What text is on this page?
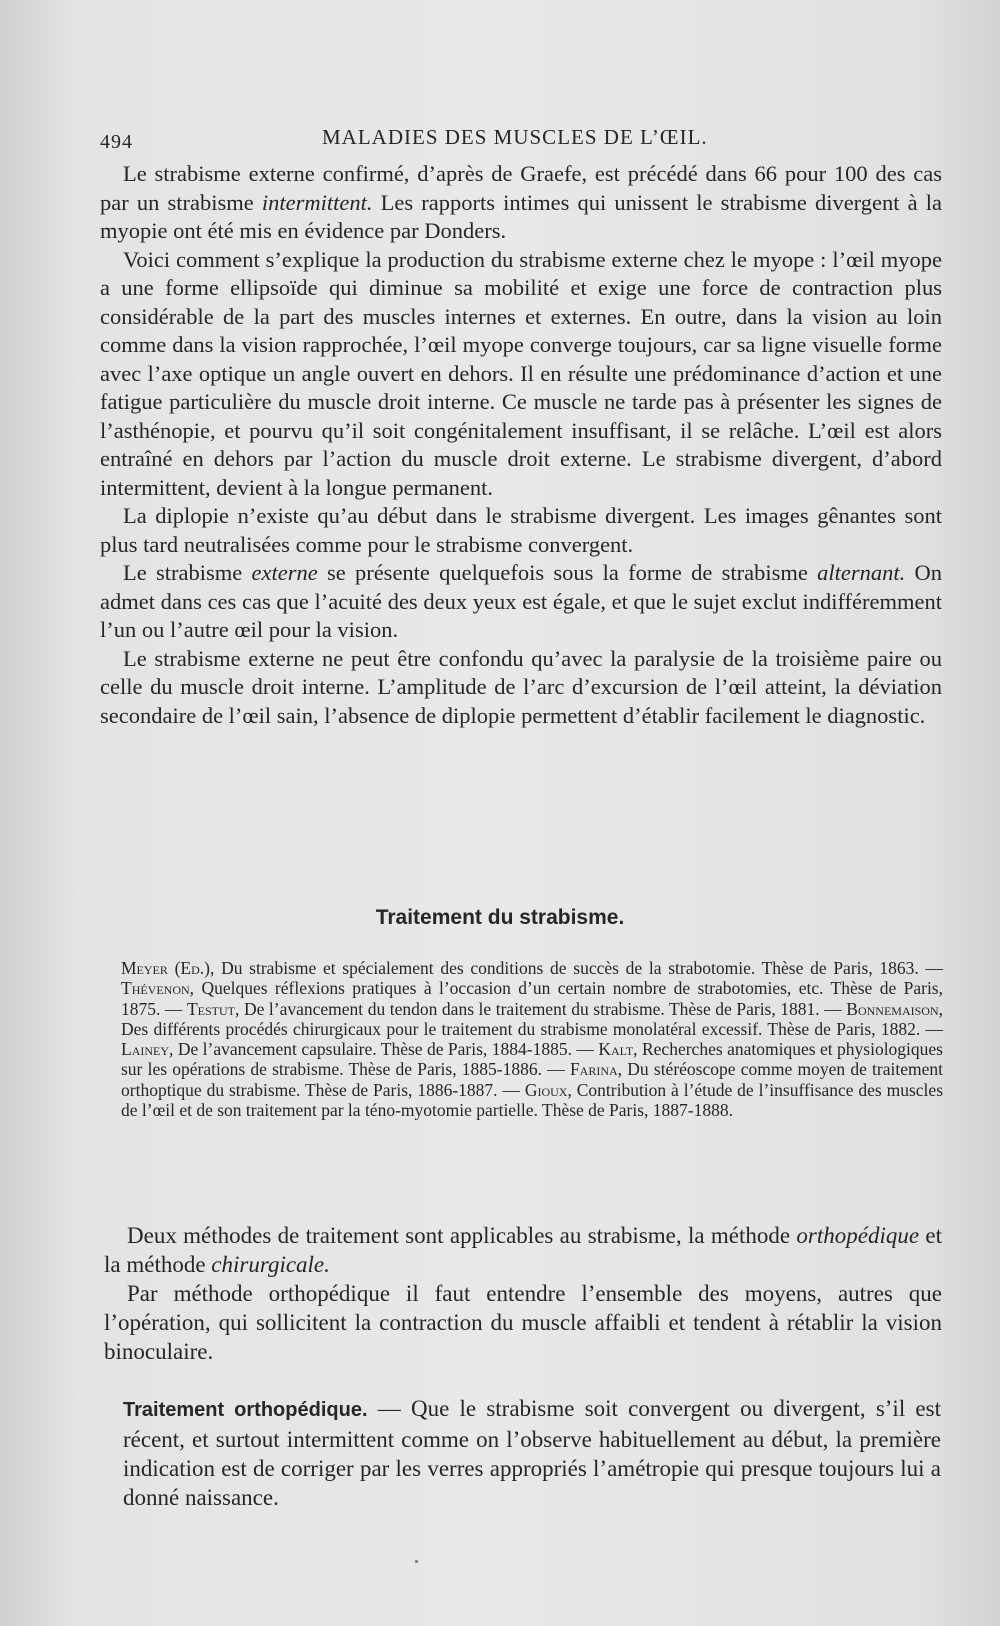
494	MALADIES DES MUSCLES DE L’ŒIL.

Le strabisme externe confirmé, d’après de Graefe, est précédé dans 66 pour 100 des cas par un strabisme intermittent. Les rapports intimes qui unissent le strabisme divergent à la myopie ont été mis en évidence par Donders.

Voici comment s’explique la production du strabisme externe chez le myope : l’œil myope a une forme ellipsoïde qui diminue sa mobilité et exige une force de contraction plus considérable de la part des muscles internes et externes. En outre, dans la vision au loin comme dans la vision rapprochée, l’œil myope converge toujours, car sa ligne visuelle forme avec l’axe optique un angle ouvert en dehors. Il en résulte une prédominance d’action et une fatigue particulière du muscle droit interne. Ce muscle ne tarde pas à présenter les signes de l’asthénopie, et pourvu qu’il soit congénitalement insuffisant, il se relâche. L’œil est alors entraîné en dehors par l’action du muscle droit externe. Le strabisme divergent, d’abord intermittent, devient à la longue permanent.

La diplopie n’existe qu’au début dans le strabisme divergent. Les images gênantes sont plus tard neutralisées comme pour le strabisme convergent.

Le strabisme externe se présente quelquefois sous la forme de strabisme alternant. On admet dans ces cas que l’acuité des deux yeux est égale, et que le sujet exclut indifféremment l’un ou l’autre œil pour la vision.

Le strabisme externe ne peut être confondu qu’avec la paralysie de la troisième paire ou celle du muscle droit interne. L’amplitude de l’arc d’excursion de l’œil atteint, la déviation secondaire de l’œil sain, l’absence de diplopie permettent d’établir facilement le diagnostic.

Traitement du strabisme.

Meyer (Ed.), Du strabisme et spécialement des conditions de succès de la strabotomie. Thèse de Paris, 1863. — Thévenon, Quelques réflexions pratiques à l’occasion d’un certain nombre de strabotomies, etc. Thèse de Paris, 1875. — Testut, De l’avancement du tendon dans le traitement du strabisme. Thèse de Paris, 1881. — Bonnemaison, Des différents procédés chirurgicaux pour le traitement du strabisme monolatéral excessif. Thèse de Paris, 1882. — Lainey, De l’avancement capsulaire. Thèse de Paris, 1884-1885. — Kalt, Recherches anatomiques et physiologiques sur les opérations de strabisme. Thèse de Paris, 1885-1886. — Farina, Du stéréoscope comme moyen de traitement orthoptique du strabisme. Thèse de Paris, 1886-1887. — Gioux, Contribution à l’étude de l’insuffisance des muscles de l’œil et de son traitement par la téno-myotomie partielle. Thèse de Paris, 1887-1888.

Deux méthodes de traitement sont applicables au strabisme, la méthode orthopédique et la méthode chirurgicale.

Par méthode orthopédique il faut entendre l’ensemble des moyens, autres que l’opération, qui sollicitent la contraction du muscle affaibli et tendent à rétablir la vision binoculaire.

Traitement orthopédique. — Que le strabisme soit convergent ou divergent, s’il est récent, et surtout intermittent comme on l’observe habituellement au début, la première indication est de corriger par les verres appropriés l’amétropie qui presque toujours lui a donné naissance.
